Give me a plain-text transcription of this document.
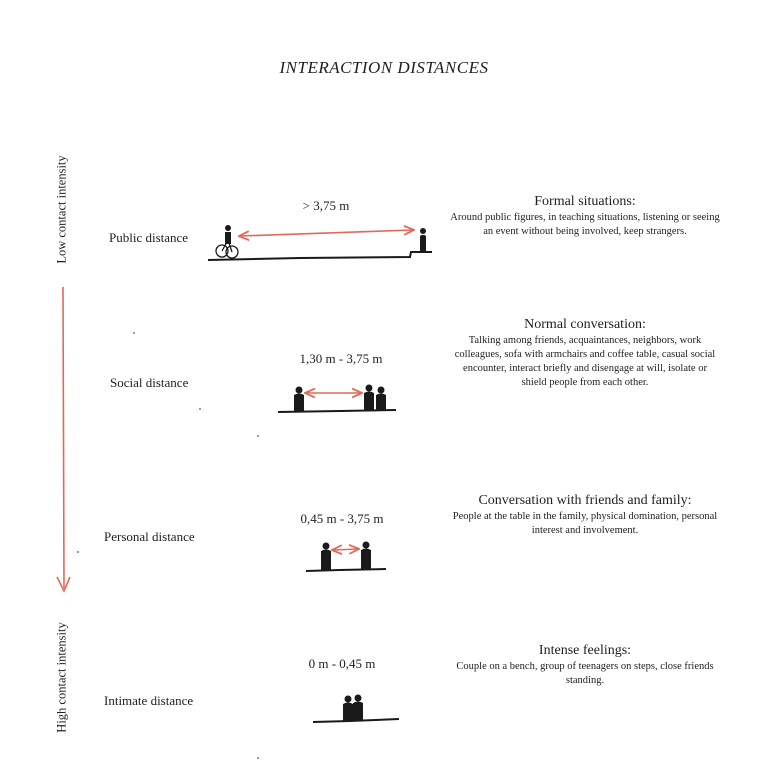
INTERACTION DISTANCES
Low contact intensity
High contact intensity
Public distance
Social distance
Personal distance
Intimate distance
> 3,75 m
1,30 m - 3,75 m
0,45 m - 3,75 m
0 m - 0,45 m
Formal situations:
Around public figures, in teaching situations, listening or seeing an event without being involved, keep strangers.
Normal conversation:
Talking among friends, acquaintances, neighbors, work colleagues, sofa with armchairs and coffee table, casual social encounter, interact briefly and disengage at will, isolate or shield people from each other.
Conversation with friends and family:
People at the table in the family, physical domination, personal interest and involvement.
Intense feelings:
Couple on a bench, group of teenagers on steps, close friends standing.
